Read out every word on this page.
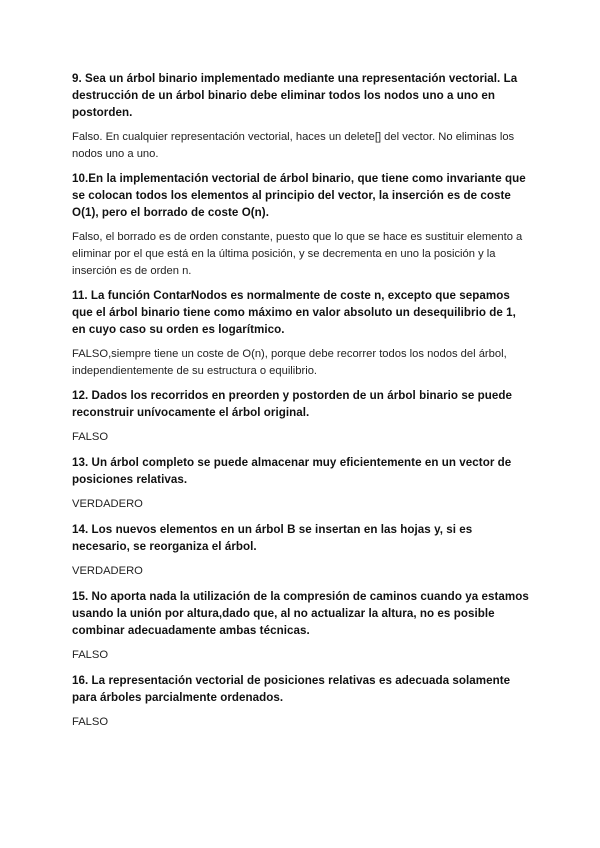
9. Sea un árbol binario implementado mediante una representación vectorial. La destrucción de un árbol binario debe eliminar todos los nodos uno a uno en postorden.

Falso. En cualquier representación vectorial, haces un delete[] del vector. No eliminas los nodos uno a uno.

10.En la implementación vectorial de árbol binario, que tiene como invariante que se colocan todos los elementos al principio del vector, la inserción es de coste O(1), pero el borrado de coste O(n).

Falso, el borrado es de orden constante, puesto que lo que se hace es sustituir elemento a eliminar por el que está en la última posición, y se decrementa en uno la posición y la inserción es de orden n.

11. La función ContarNodos es normalmente de coste n, excepto que sepamos que el árbol binario tiene como máximo en valor absoluto un desequilibrio de 1, en cuyo caso su orden es logarítmico.

FALSO,siempre tiene un coste de O(n), porque debe recorrer todos los nodos del árbol, independientemente de su estructura o equilibrio.

12. Dados los recorridos en preorden y postorden de un árbol binario se puede reconstruir unívocamente el árbol original.

FALSO

13. Un árbol completo se puede almacenar muy eficientemente en un vector de posiciones relativas.

VERDADERO

14. Los nuevos elementos en un árbol B se insertan en las hojas y, si es necesario, se reorganiza el árbol.

VERDADERO

15. No aporta nada la utilización de la compresión de caminos cuando ya estamos usando la unión por altura,dado que, al no actualizar la altura, no es posible combinar adecuadamente ambas técnicas.

FALSO

16. La representación vectorial de posiciones relativas es adecuada solamente para árboles parcialmente ordenados.

FALSO
